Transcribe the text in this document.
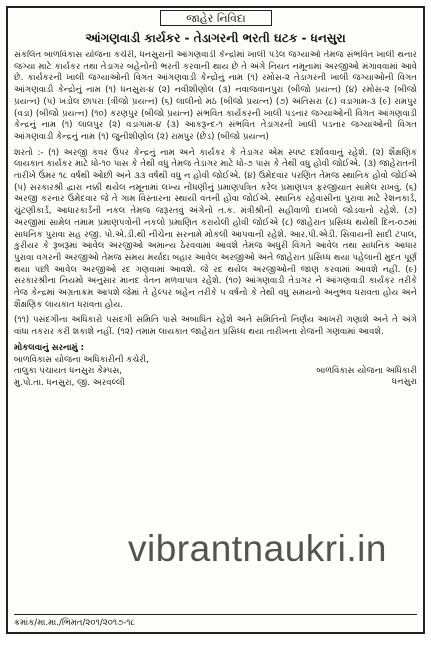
જાહેર નિવિદા
આંગણવાડી કાર્યકર - તેડાગરની ભરતી ઘટક - ધનસુરા

સંકલિત બાળવિકાસ યોજના કચેરી, ધનસુરાની આંગણવાડી કેન્દ્રોમાં ખાલી પડેલ જગ્યાઓ તેમજ સંભવિત ખાલી થનાર જગ્યા માટે કાર્યકર તથા તેડાગર બહેનોની ભરતી કરવાની થાય છે તે અંગે નિયત નમૂનામાં અરજીઓ મંગાવવામાં આવે છે. કાર્યકરની ખાલી જગ્યાઓની વિગત આંગણવાડી કેન્દ્રોનું નામ (૧) રમોસ-૨ તેડાગરની ખાલી જગ્યાઓની વિગત આંગણવાડી કેન્દ્રોનું નામ (૧) ધનસુરા-૪ (૨) નવીશીણોલ (૩) નવાજવાનપુરા (બીજો પ્રયત્ન) (૪) રમોસ-૨ (બીજો પ્રયત્ન) (૫) ખડોલ છાપરા (ત્રીજો પ્રયત્ન) (૬) લાલીનો મઠ (બીજો પ્રયત્ન) (૭) અંતિસરા (૮) વડાગામ-૩ (૯) રામપુર (વડા) (બીજો પ્રયત્ન) (૧૦) કરણપુર (બીજો પ્રયત્ન) સંભવિત કાર્યકરની ખાલી પડનાર જગ્યાઓની વિગત આંગણવાડી કેન્દ્રનું નામ (૧) લાલપુર (૨) વડાગામ-૪ (૩) આકરૂન્દ-૧ સંભવિત તેડાગરની ખાલી પડનાર જગ્યાઓની વિગત આંગણવાડી કેન્દ્રનું નામ (૧) જુનીશીણોલ (૨) રામપુર (છેડ) (બીજો પ્રયત્ન)

શરતો :- (૧) અરજી કવર ઉપર કેન્દ્રનું નામ અને કાર્યકર કે તેડાગર એમ સ્પષ્ટ દર્શાવવાનું રહેશે. (૨) શૈક્ષણિક લાયકાત કાર્યકર માટે ધો-૧૦ પાસ કે તેથી વધુ તેમજ તેડાગર માટે ધો-૭ પાસ કે તેથી વધુ હોવી જોઈએ. (૩) જાહેરાતની તારીખે ઉંમર ૧૮ વર્ષથી ઓછી અને ૩૩ વર્ષથી વધુ ન હોવી જોઈએ. (૪) ઉમેદવાર પરણિત તેમજ સ્થાનિક હોવો જોઈએ (૫) સરકારશ્રી દ્વારા નક્કી થયેલ નમૂનામાં લખ્ય નોંધણીનું પ્રમાણપત્રિત કરેલ પ્રમાણપત્ર ફરજીયાત સામેલ રાખવું. (૬) અરજી કરનાર ઉમેદવાર જે તે ગામ વિસ્તારના સ્થાયી વતની હોવા જોઈએ. સ્થાનિક રહેવાસીના પુરાવા માટે રેશનકાર્ડ, ચુંટણીકાર્ડ, આધારકાર્ડની નકલ તેમજ જરૂરતવું અંગેનો ત.ક. મંત્રીશ્રીની સહીવાળો દાખલો જોડવાનો રહેશે. (૭) અરજીમાં સામેલ તમામ પ્રમાણપત્રોની નકલો પ્રમાણિત કરાયેલી હોવી જોઈએ (૮) જાહેરાત પ્રસિધ્ધ થયેથી દિન-૦૭માં સાધનિક પુરાવા સહ રજી. પો.એ.ડી.થી નીચેના સરનામે મોકલી આપવાની રહેશે. આર.પી.એડી. સિવાયની સાદી ટપાલ, કુરીયર કે રૂબરૂમાં આવેલ અરજીઓ અમાન્ય ઠેરવવામાં આવશે તેમજ અધુરી વિગતે આવેલ તથા સાધનિક આધાર પુરાવા વગરની અરજીઓ તેમજ સમય મર્યાદા બહાર આવેલ અરજીઓ અને જાહેરાત પ્રસિધ્ધ થયા પહેલાની મુદત પૂર્ણ થયા પછી આવેલ અરજીઓ રદ ગણવામાં આવશે. જે રદ થયેલ અરજીઓની જાણ કરવામાં આવશે નહીં. (૯) સરકારશ્રીના નિયમો અનુસાર માનદ વેતન મળવાપાત્ર રહેશે. (૧૦) આંગણવાડી તેડાગર ને આંગણવાડી કાર્યકર તરીકે તેજ કેન્દ્રમાં અગ્રતાક્રમ આપશે જેમાં તે હેલ્પર બહેન તરીકે ૫ વર્ષનો કે તેથી વધુ સમયનો અનુભવ ધરાવતા હોય અને શૈક્ષણિક લાયકાત ધરાવતા હોય.

(૧૧) પસંદગીના અધિકારો પસંદગી સમિતિ પાસે અબાધિત રહેશે અને સમિતિનો નિર્ણય આખરી ગણાશે અને તે અંગે વાંધા તકરાર કરી શકાશે નહીં. (૧૨) તમામ લાયકાત જાહેરાત પ્રસિધ્ધ થયા તારીખના રોજની ગણવામાં આવશે.

મોકલવાનું સરનામું :
બાળવિકાસ યોજના અધિકારીની કચેરી,
તાલુકા પંચાયત ધનસુરા કેમ્પસ,
મુ.પો.તા. ધનસુરા, જી. અરવલ્લી
બાળવિકાસ યોજના અધિકારી
ધનસુરા
ક્રમાંક/મા.મા./ભિમત/૨૦૧/૨૦૧૭-૧૮
vibrantnaukri.in
